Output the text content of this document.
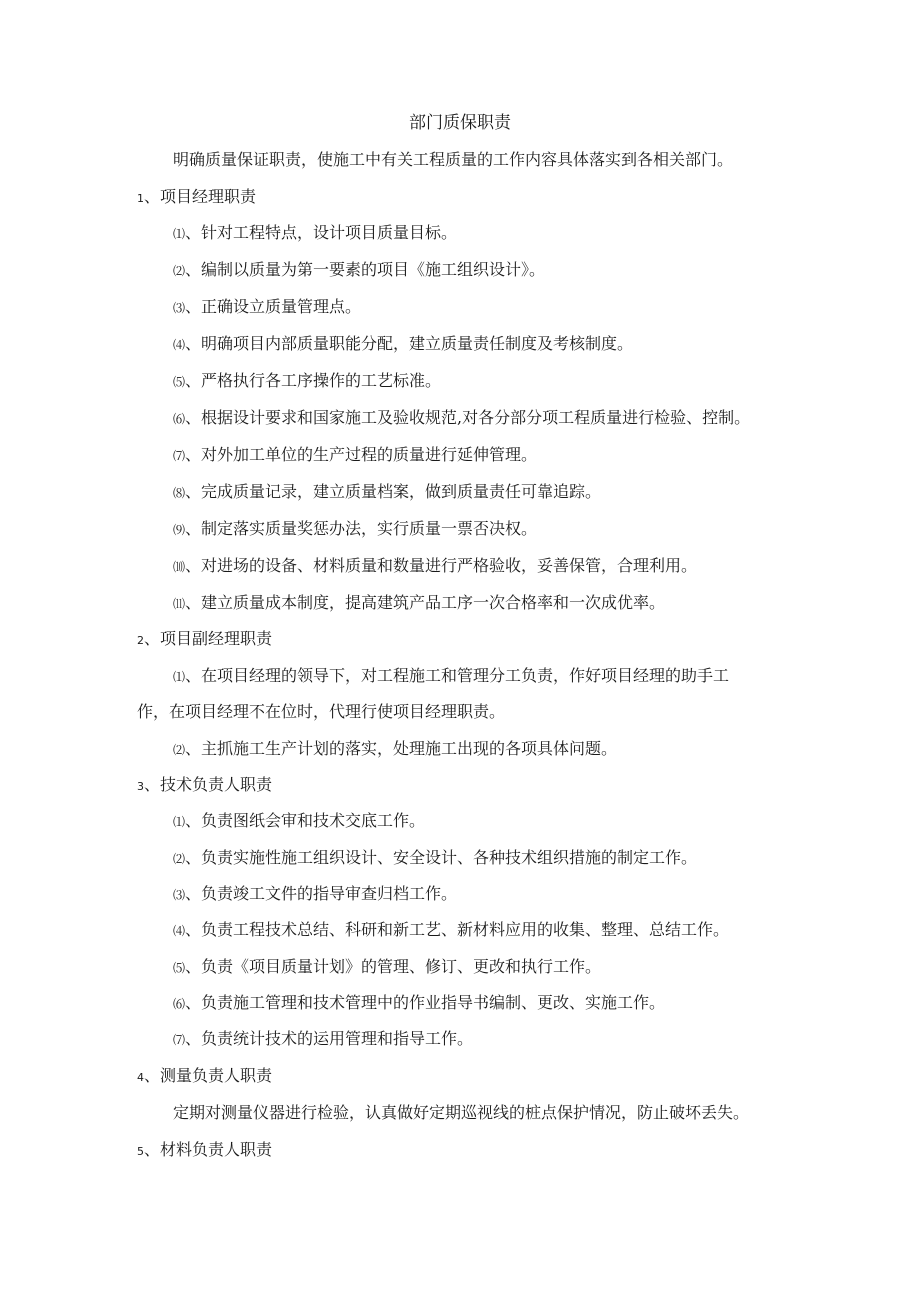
部门质保职责
明确质量保证职责，使施工中有关工程质量的工作内容具体落实到各相关部门。
1、项目经理职责
⑴、针对工程特点，设计项目质量目标。
⑵、编制以质量为第一要素的项目《施工组织设计》。
⑶、正确设立质量管理点。
⑷、明确项目内部质量职能分配，建立质量责任制度及考核制度。
⑸、严格执行各工序操作的工艺标准。
⑹、根据设计要求和国家施工及验收规范,对各分部分项工程质量进行检验、控制。
⑺、对外加工单位的生产过程的质量进行延伸管理。
⑻、完成质量记录，建立质量档案，做到质量责任可靠追踪。
⑼、制定落实质量奖惩办法，实行质量一票否决权。
⑽、对进场的设备、材料质量和数量进行严格验收，妥善保管，合理利用。
⑾、建立质量成本制度，提高建筑产品工序一次合格率和一次成优率。
2、项目副经理职责
⑴、在项目经理的领导下，对工程施工和管理分工负责，作好项目经理的助手工
作，在项目经理不在位时，代理行使项目经理职责。
⑵、主抓施工生产计划的落实，处理施工出现的各项具体问题。
3、技术负责人职责
⑴、负责图纸会审和技术交底工作。
⑵、负责实施性施工组织设计、安全设计、各种技术组织措施的制定工作。
⑶、负责竣工文件的指导审查归档工作。
⑷、负责工程技术总结、科研和新工艺、新材料应用的收集、整理、总结工作。
⑸、负责《项目质量计划》的管理、修订、更改和执行工作。
⑹、负责施工管理和技术管理中的作业指导书编制、更改、实施工作。
⑺、负责统计技术的运用管理和指导工作。
4、测量负责人职责
定期对测量仪器进行检验，认真做好定期巡视线的桩点保护情况，防止破坏丢失。
5、材料负责人职责
